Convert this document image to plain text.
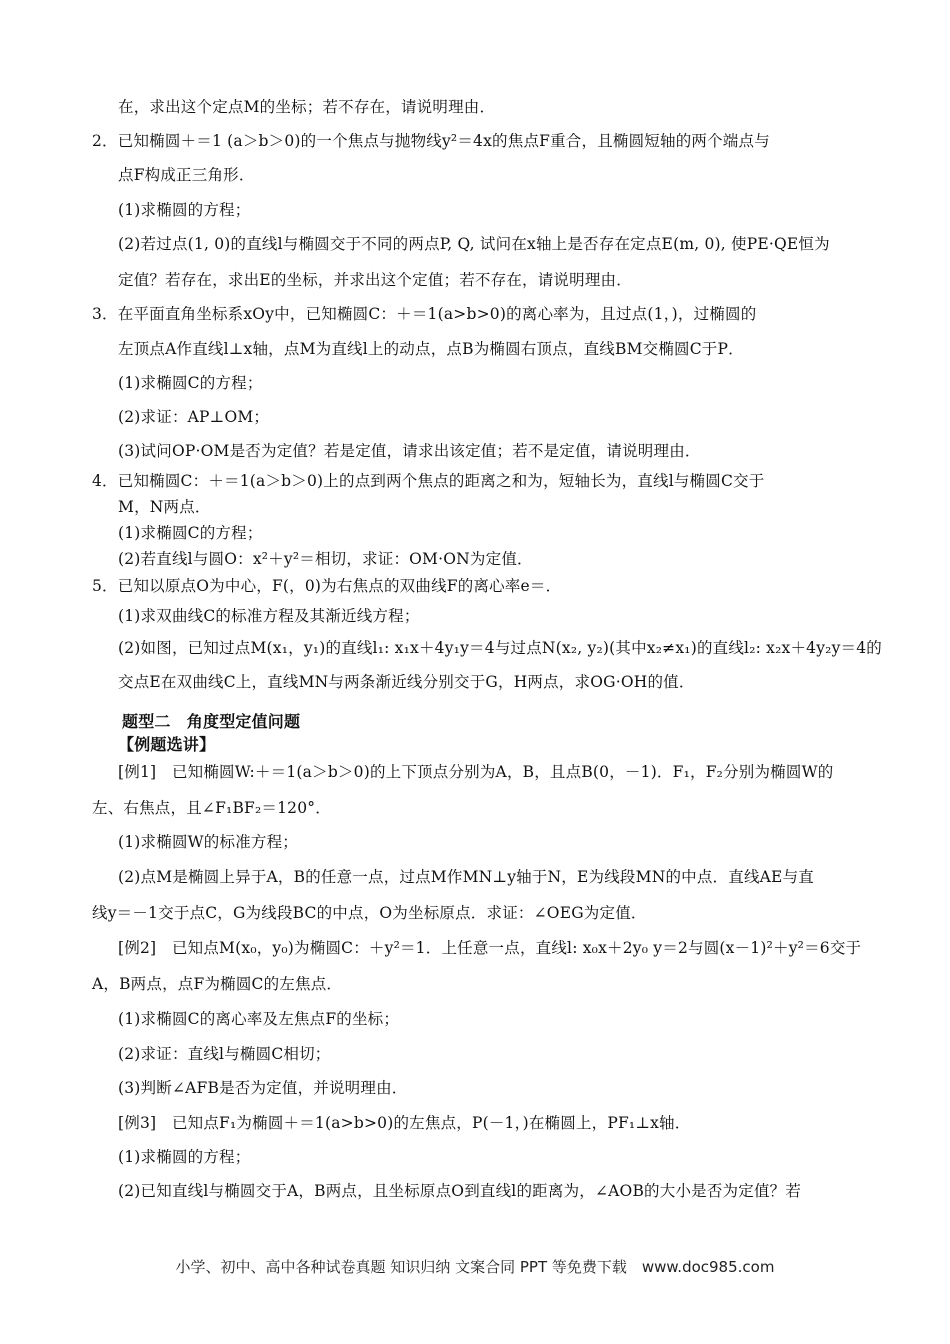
在，求出这个定点M的坐标；若不存在，请说明理由．
2．已知椭圆＋＝1 (a＞b＞0)的一个焦点与抛物线y²＝4x的焦点F重合，且椭圆短轴的两个端点与
点F构成正三角形．
(1)求椭圆的方程；
(2)若过点(1, 0)的直线l与椭圆交于不同的两点P, Q, 试问在x轴上是否存在定点E(m, 0), 使PE·QE恒为
定值？若存在，求出E的坐标，并求出这个定值；若不存在，请说明理由．
3．在平面直角坐标系xOy中，已知椭圆C：＋＝1(a>b>0)的离心率为，且过点(1，)，过椭圆的
左顶点A作直线l⊥x轴，点M为直线l上的动点，点B为椭圆右顶点，直线BM交椭圆C于P．
(1)求椭圆C的方程；
(2)求证：AP⊥OM；
(3)试问OP·OM是否为定值？若是定值，请求出该定值；若不是定值，请说明理由．
4．已知椭圆C：＋＝1(a＞b＞0)上的点到两个焦点的距离之和为，短轴长为，直线l与椭圆C交于
M，N两点．
(1)求椭圆C的方程；
(2)若直线l与圆O：x²＋y²＝相切，求证：OM·ON为定值．
5．已知以原点O为中心，F(，0)为右焦点的双曲线F的离心率e＝．
(1)求双曲线C的标准方程及其渐近线方程；
(2)如图，已知过点M(x₁，y₁)的直线l₁: x₁x＋4y₁y＝4与过点N(x₂, y₂)(其中x₂≠x₁)的直线l₂: x₂x＋4y₂y＝4的
交点E在双曲线C上，直线MN与两条渐近线分别交于G，H两点，求OG·OH的值．
题型二　角度型定值问题
【例题选讲】
[例1]　已知椭圆W:＋＝1(a＞b＞0)的上下顶点分别为A，B，且点B(0，－1)．F₁，F₂分别为椭圆W的
左、右焦点，且∠F₁BF₂＝120°．
(1)求椭圆W的标准方程；
(2)点M是椭圆上异于A，B的任意一点，过点M作MN⊥y轴于N，E为线段MN的中点．直线AE与直
线y＝－1交于点C，G为线段BC的中点，O为坐标原点．求证：∠OEG为定值．
[例2]　已知点M(x₀，y₀)为椭圆C：＋y²＝1．上任意一点，直线l: x₀x＋2y₀ y＝2与圆(x－1)²＋y²＝6交于
A，B两点，点F为椭圆C的左焦点．
(1)求椭圆C的离心率及左焦点F的坐标；
(2)求证：直线l与椭圆C相切；
(3)判断∠AFB是否为定值，并说明理由．
[例3]　已知点F₁为椭圆＋＝1(a>b>0)的左焦点，P(－1，)在椭圆上，PF₁⊥x轴．
(1)求椭圆的方程；
(2)已知直线l与椭圆交于A，B两点，且坐标原点O到直线l的距离为，∠AOB的大小是否为定值？若
小学、初中、高中各种试卷真题 知识归纳 文案合同 PPT 等免费下载　www.doc985.com
